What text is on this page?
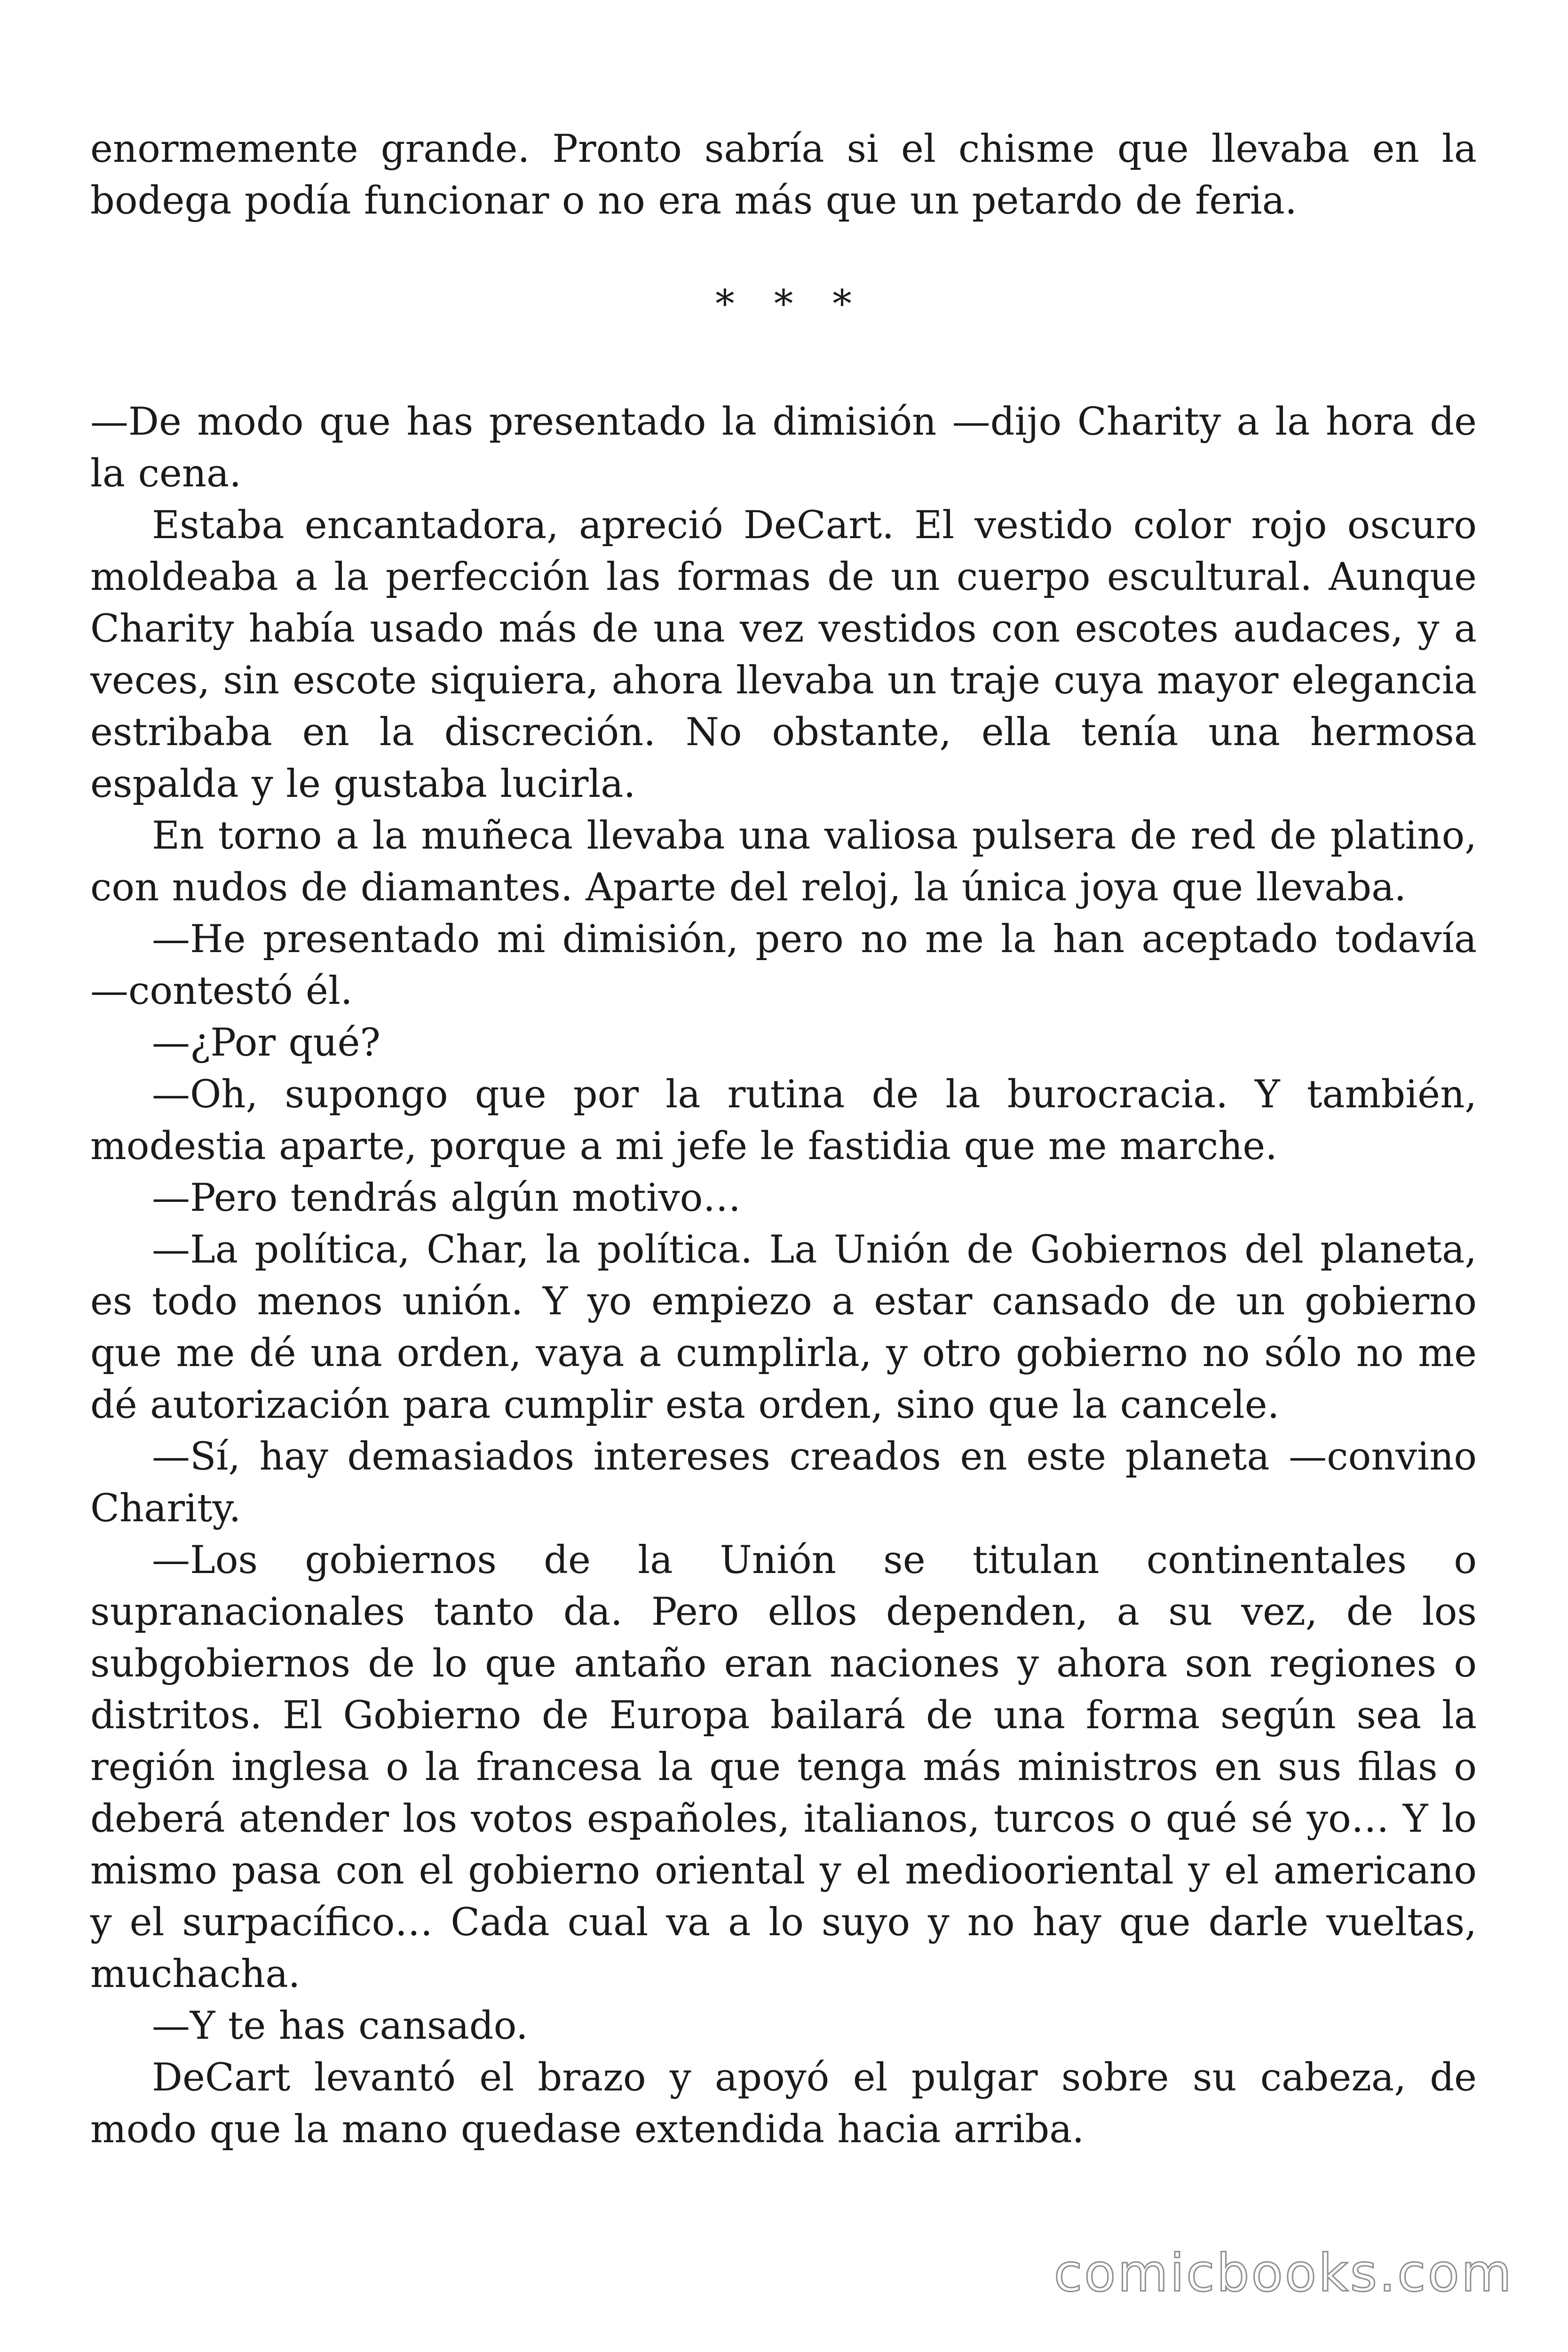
enormemente grande. Pronto sabría si el chisme que llevaba en la bodega podía funcionar o no era más que un petardo de feria.

* * *

—De modo que has presentado la dimisión —dijo Charity a la hora de la cena.

Estaba encantadora, apreció DeCart. El vestido color rojo oscuro moldeaba a la perfección las formas de un cuerpo escultural. Aunque Charity había usado más de una vez vestidos con escotes audaces, y a veces, sin escote siquiera, ahora llevaba un traje cuya mayor elegancia estribaba en la discreción. No obstante, ella tenía una hermosa espalda y le gustaba lucirla.

En torno a la muñeca llevaba una valiosa pulsera de red de platino, con nudos de diamantes. Aparte del reloj, la única joya que llevaba.

—He presentado mi dimisión, pero no me la han aceptado todavía —contestó él.

—¿Por qué?

—Oh, supongo que por la rutina de la burocracia. Y también, modestia aparte, porque a mi jefe le fastidia que me marche.

—Pero tendrás algún motivo…

—La política, Char, la política. La Unión de Gobiernos del planeta, es todo menos unión. Y yo empiezo a estar cansado de un gobierno que me dé una orden, vaya a cumplirla, y otro gobierno no sólo no me dé autorización para cumplir esta orden, sino que la cancele.

—Sí, hay demasiados intereses creados en este planeta —convino Charity.

—Los gobiernos de la Unión se titulan continentales o supranacionales tanto da. Pero ellos dependen, a su vez, de los subgobiernos de lo que antaño eran naciones y ahora son regiones o distritos. El Gobierno de Europa bailará de una forma según sea la región inglesa o la francesa la que tenga más ministros en sus filas o deberá atender los votos españoles, italianos, turcos o qué sé yo… Y lo mismo pasa con el gobierno oriental y el mediooriental y el americano y el surpacífico… Cada cual va a lo suyo y no hay que darle vueltas, muchacha.

—Y te has cansado.

DeCart levantó el brazo y apoyó el pulgar sobre su cabeza, de modo que la mano quedase extendida hacia arriba.

comicbooks.com
